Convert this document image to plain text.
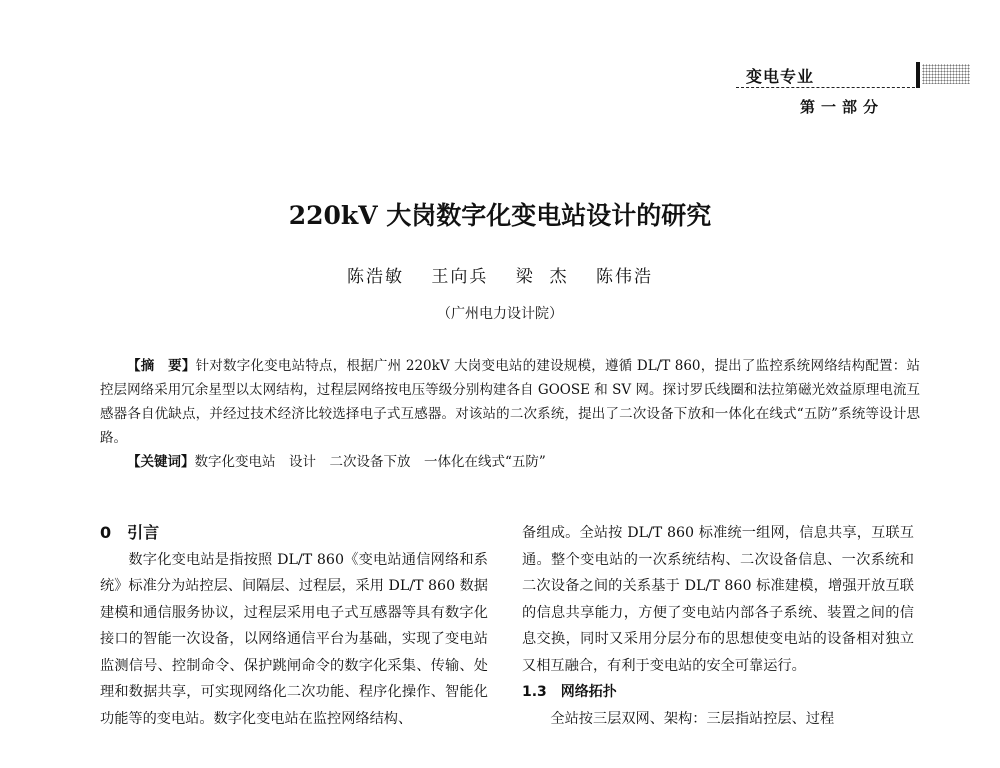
变电专业
第一部分
220kV 大岗数字化变电站设计的研究
陈浩敏 王向兵 梁  杰 陈伟浩
（广州电力设计院）

【摘　要】针对数字化变电站特点，根据广州 220kV 大岗变电站的建设规模，遵循 DL/T 860，提出了监控系统网络结构配置：站控层网络采用冗余星型以太网结构，过程层网络按电压等级分别构建各自 GOOSE 和 SV 网。探讨罗氏线圈和法拉第磁光效益原理电流互感器各自优缺点，并经过技术经济比较选择电子式互感器。对该站的二次系统，提出了二次设备下放和一体化在线式“五防”系统等设计思路。

【关键词】数字化变电站　设计　二次设备下放　一体化在线式“五防”

0　引言

数字化变电站是指按照 DL/T 860《变电站通信网络和系统》标准分为站控层、间隔层、过程层，采用 DL/T 860 数据建模和通信服务协议，过程层采用电子式互感器等具有数字化接口的智能一次设备，以网络通信平台为基础，实现了变电站监测信号、控制命令、保护跳闸命令的数字化采集、传输、处理和数据共享，可实现网络化二次功能、程序化操作、智能化功能等的变电站。数字化变电站在监控网络结构、

备组成。全站按 DL/T 860 标准统一组网，信息共享，互联互通。整个变电站的一次系统结构、二次设备信息、一次系统和二次设备之间的关系基于 DL/T 860 标准建模，增强开放互联的信息共享能力，方便了变电站内部各子系统、装置之间的信息交换，同时又采用分层分布的思想使变电站的设备相对独立又相互融合，有利于变电站的安全可靠运行。

1.3　网络拓扑

全站按三层双网、架构：三层指站控层、过程
